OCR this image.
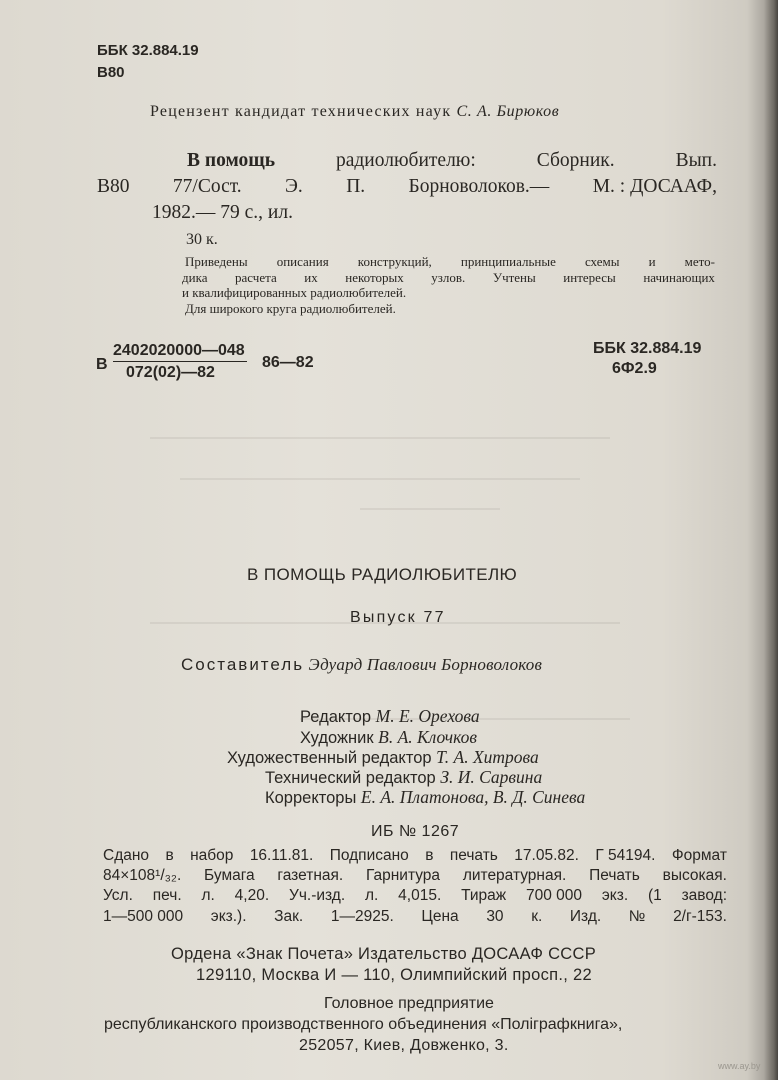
ББК 32.884.19
В80
Рецензент кандидат технических наук С. А. Бирюков
В помощь	радиолюбителю:	Сборник.	Вып.
В80 77/Сост. Э. П. Борноволоков.— М. : ДОСААФ,
1982.— 79 с., ил.
30 к.
Приведены описания конструкций, принципиальные схемы и мето-
дика расчета их некоторых узлов. Учтены интересы начинающих
и квалифицированных радиолюбителей.
Для широкого круга радиолюбителей.
В
2402020000—048
072(02)—82
86—82
ББК 32.884.19
6Ф2.9
В ПОМОЩЬ РАДИОЛЮБИТЕЛЮ
Выпуск 77
Составитель Эдуард Павлович Борноволоков
Редактор М. Е. Орехова
Художник В. А. Клочков
Художественный редактор Т. А. Хитрова
Технический редактор З. И. Сарвина
Корректоры Е. А. Платонова, В. Д. Синева
ИБ № 1267
Сдано в набор 16.11.81. Подписано в печать 17.05.82. Г 54194. Формат
84×108¹/₃₂. Бумага газетная. Гарнитура литературная. Печать высокая.
Усл. печ. л. 4,20. Уч.-изд. л. 4,015. Тираж 700 000 экз. (1 завод:
1—500 000 экз.). Зак. 1—2925. Цена 30 к. Изд. № 2/г-153.
Ордена «Знак Почета» Издательство ДОСААФ СССР
129110, Москва И — 110, Олимпийский просп., 22
Головное предприятие
республиканского производственного объединения «Поліграфкнига»,
252057, Киев, Довженко, 3.
www.ay.by
